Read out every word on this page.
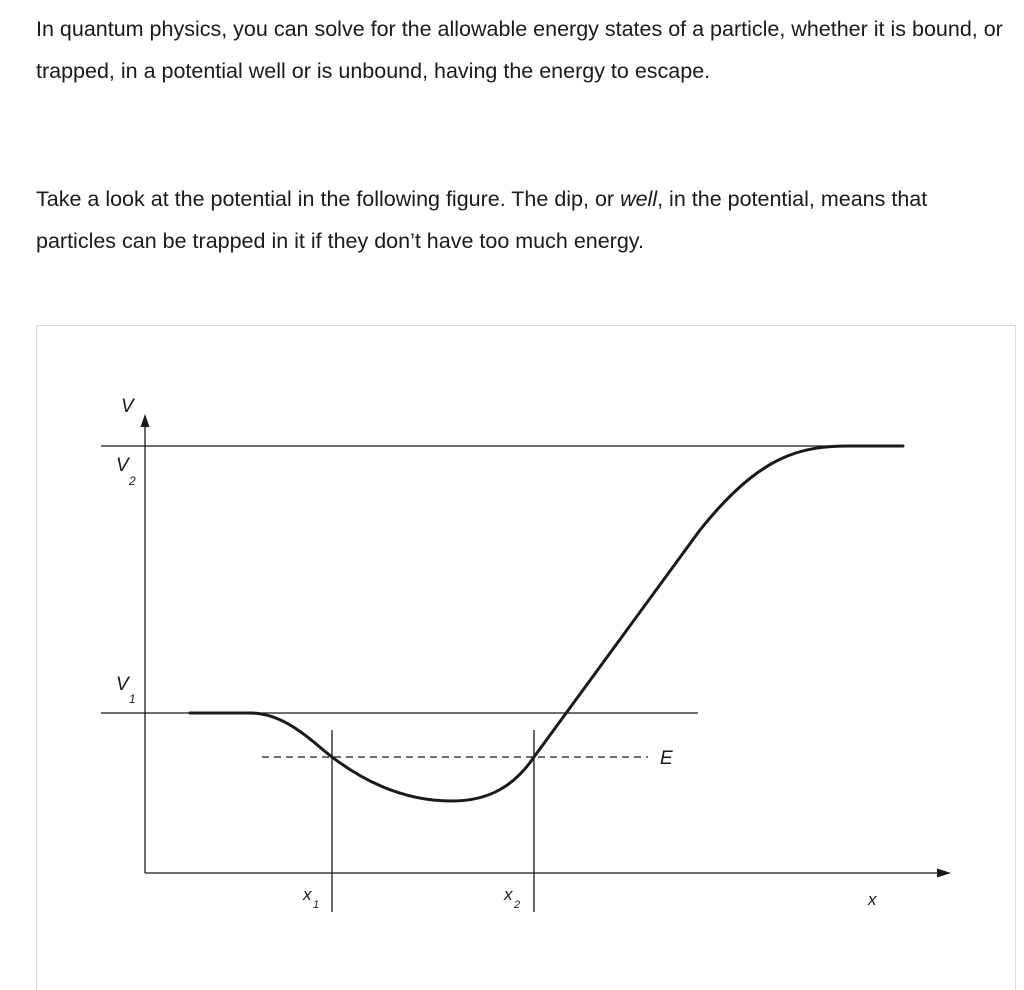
In quantum physics, you can solve for the allowable energy states of a particle, whether it is bound, or trapped, in a potential well or is unbound, having the energy to escape.

Take a look at the potential in the following figure. The dip, or well, in the potential, means that particles can be trapped in it if they don’t have too much energy.

V
V
2
V
1
E
x
1
x
2	x
